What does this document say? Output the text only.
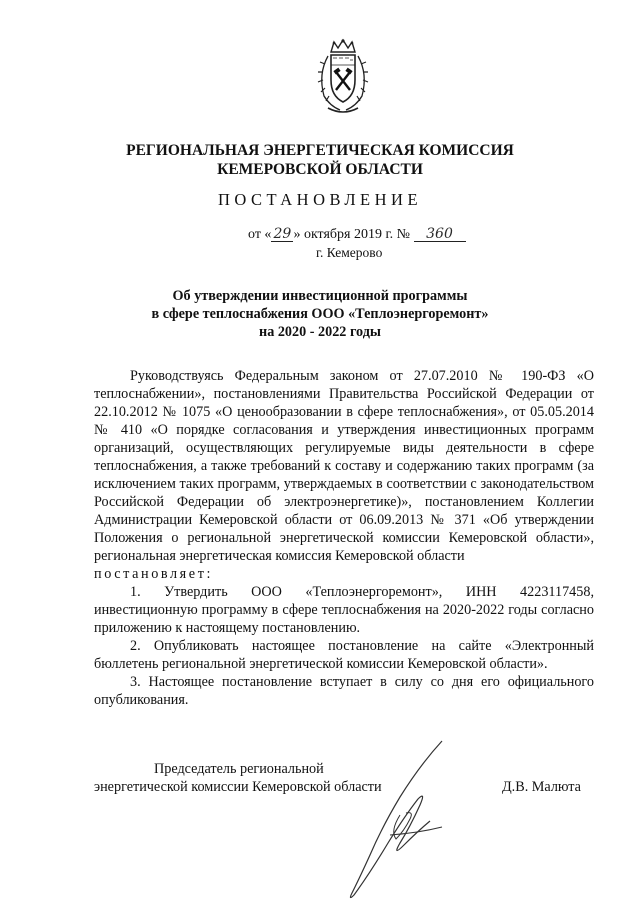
РЕГИОНАЛЬНАЯ ЭНЕРГЕТИЧЕСКАЯ КОМИССИЯ
КЕМЕРОВСКОЙ ОБЛАСТИ
ПОСТАНОВЛЕНИЕ
от « 29 » октября 2019 г. № 360
г. Кемерово
Об утверждении инвестиционной программы
в сфере теплоснабжения ООО «Теплоэнергоремонт»
на 2020 - 2022 годы

Руководствуясь Федеральным законом от 27.07.2010 № 190-ФЗ «О теплоснабжении», постановлениями Правительства Российской Федерации от 22.10.2012 № 1075 «О ценообразовании в сфере теплоснабжения», от 05.05.2014 № 410 «О порядке согласования и утверждения инвестиционных программ организаций, осуществляющих регулируемые виды деятельности в сфере теплоснабжения, а также требований к составу и содержанию таких программ (за исключением таких программ, утверждаемых в соответствии с законодательством Российской Федерации об электроэнергетике)», постановлением Коллегии Администрации Кемеровской области от 06.09.2013 № 371 «Об утверждении Положения о региональной энергетической комиссии Кемеровской области», региональная энергетическая комиссия Кемеровской области

постановляет:

1. Утвердить ООО «Теплоэнергоремонт», ИНН 4223117458, инвестиционную программу в сфере теплоснабжения на 2020-2022 годы согласно приложению к настоящему постановлению.

2. Опубликовать настоящее постановление на сайте «Электронный бюллетень региональной энергетической комиссии Кемеровской области».

3. Настоящее постановление вступает в силу со дня его официального опубликования.

Председатель региональной
энергетической комиссии Кемеровской области	Д.В. Малюта
